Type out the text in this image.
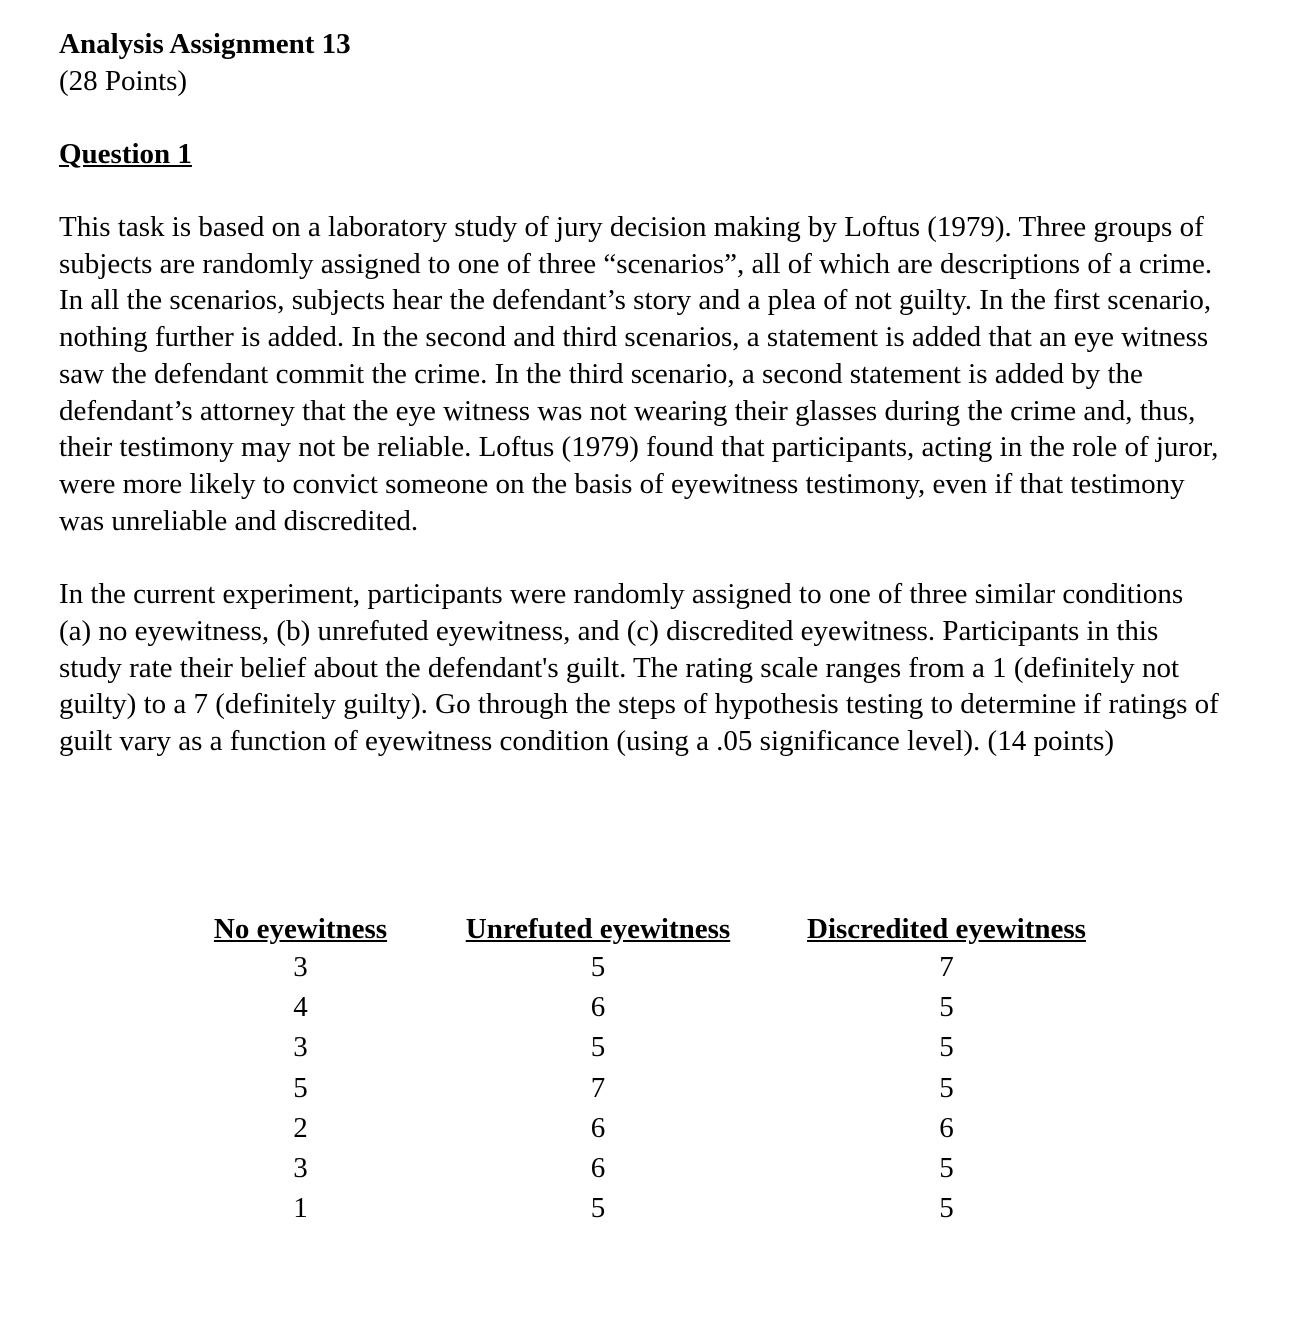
Analysis Assignment 13

(28 Points)

Question 1

This task is based on a laboratory study of jury decision making by Loftus (1979). Three groups of subjects are randomly assigned to one of three “scenarios”, all of which are descriptions of a crime. In all the scenarios, subjects hear the defendant’s story and a plea of not guilty. In the first scenario, nothing further is added. In the second and third scenarios, a statement is added that an eye witness saw the defendant commit the crime. In the third scenario, a second statement is added by the defendant’s attorney that the eye witness was not wearing their glasses during the crime and, thus, their testimony may not be reliable. Loftus (1979) found that participants, acting in the role of juror, were more likely to convict someone on the basis of eyewitness testimony, even if that testimony was unreliable and discredited.

In the current experiment, participants were randomly assigned to one of three similar conditions (a) no eyewitness, (b) unrefuted eyewitness, and (c) discredited eyewitness. Participants in this study rate their belief about the defendant's guilt. The rating scale ranges from a 1 (definitely not guilty) to a 7 (definitely guilty). Go through the steps of hypothesis testing to determine if ratings of guilt vary as a function of eyewitness condition (using a .05 significance level). (14 points)

No eyewitness
3
4
3
5
2
3
1
Unrefuted eyewitness
5
6
5
7
6
6
5
Discredited eyewitness
7
5
5
5
6
5
5
